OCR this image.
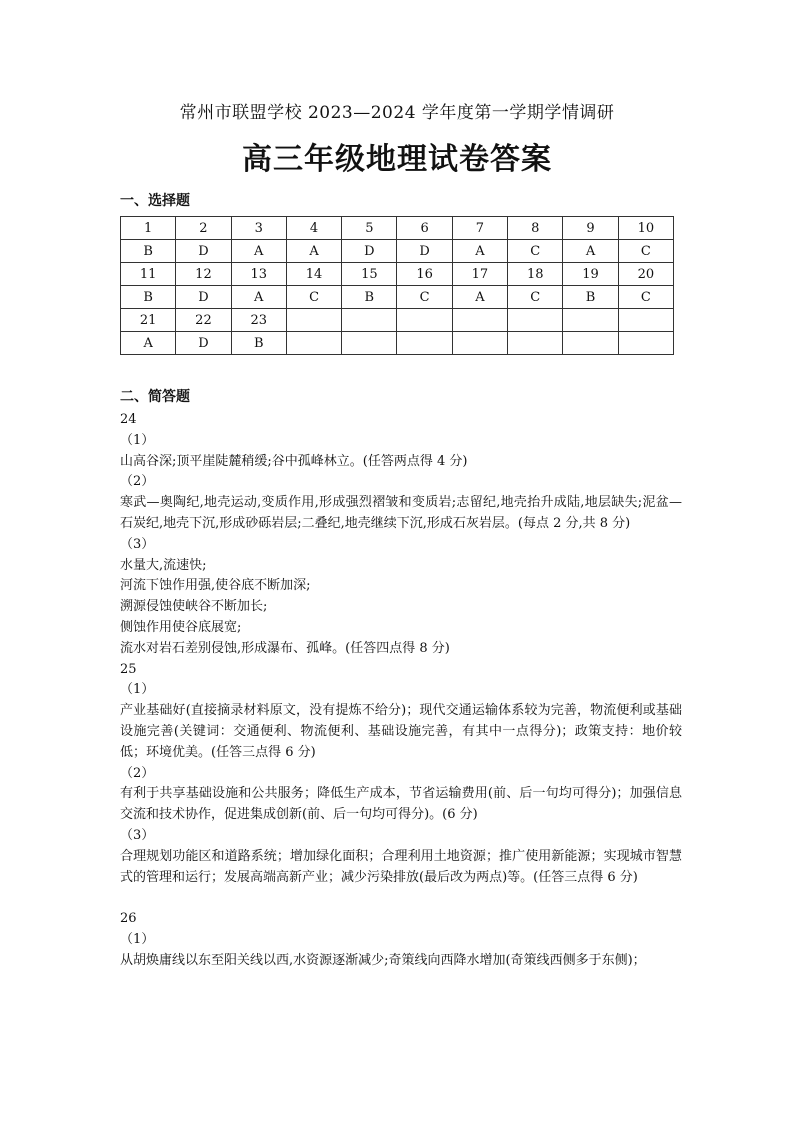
常州市联盟学校 2023—2024 学年度第一学期学情调研
高三年级地理试卷答案
一、选择题
1	2	3	4	5	6	7	8	9	10
B	D	A	A	D	D	A	C	A	C
11	12	13	14	15	16	17	18	19	20
B	D	A	C	B	C	A	C	B	C
21	22	23							
A	D	B							
二、简答题
24
（1）
山高谷深;顶平崖陡麓稍缓;谷中孤峰林立。(任答两点得 4 分)
（2）
寒武—奥陶纪,地壳运动,变质作用,形成强烈褶皱和变质岩;志留纪,地壳抬升成陆,地层缺失;泥盆—石炭纪,地壳下沉,形成砂砾岩层;二叠纪,地壳继续下沉,形成石灰岩层。(每点 2 分,共 8 分)
（3）
水量大,流速快;
河流下蚀作用强,使谷底不断加深;
溯源侵蚀使峡谷不断加长;
侧蚀作用使谷底展宽;
流水对岩石差别侵蚀,形成瀑布、孤峰。(任答四点得 8 分)
25
（1）
产业基础好(直接摘录材料原文，没有提炼不给分)；现代交通运输体系较为完善，物流便利或基础设施完善(关键词：交通便利、物流便利、基础设施完善，有其中一点得分)；政策支持：地价较低；环境优美。(任答三点得 6 分)
（2）
有利于共享基础设施和公共服务；降低生产成本，节省运输费用(前、后一句均可得分)；加强信息交流和技术协作，促进集成创新(前、后一句均可得分)。(6 分)
（3）
合理规划功能区和道路系统；增加绿化面积；合理利用土地资源；推广使用新能源；实现城市智慧式的管理和运行；发展高端高新产业；减少污染排放(最后改为两点)等。(任答三点得 6 分)
26
（1）
从胡焕庸线以东至阳关线以西,水资源逐渐减少;奇策线向西降水增加(奇策线西侧多于东侧)；
